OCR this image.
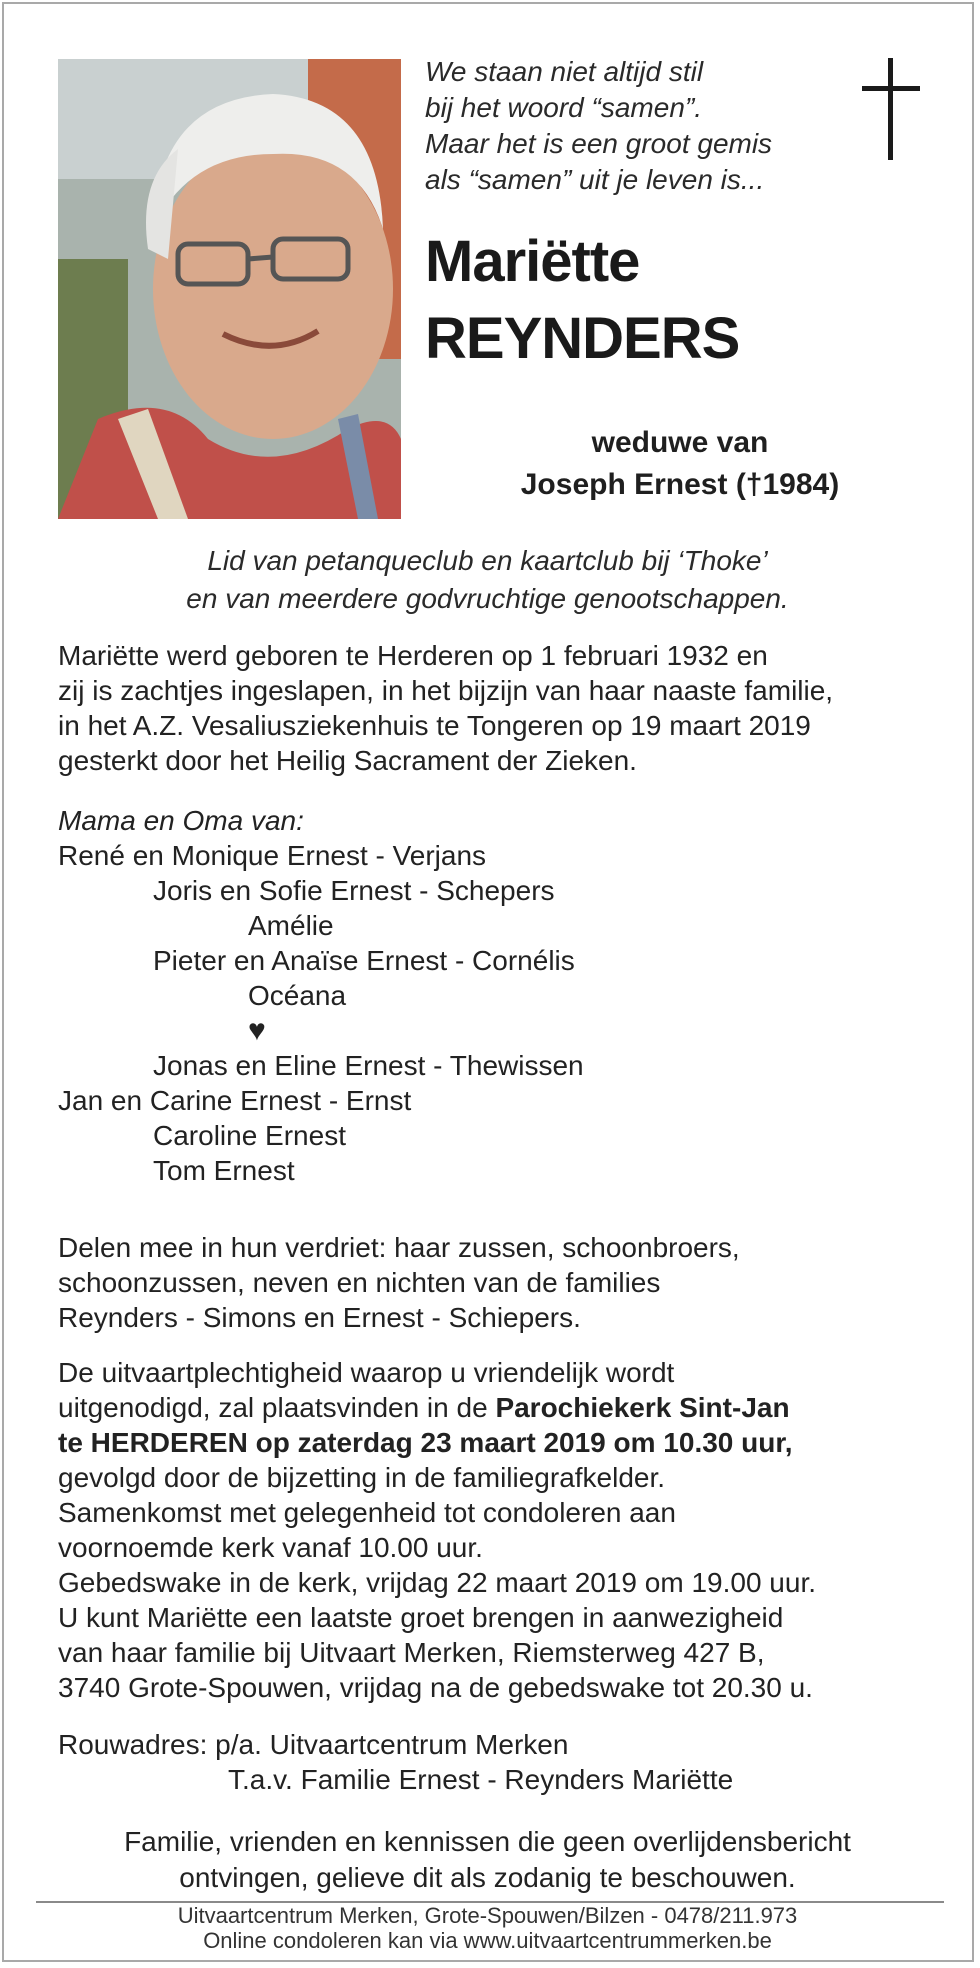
We staan niet altijd stil
bij het woord “samen”.
Maar het is een groot gemis
als “samen” uit je leven is...
Mariëtte
REYNDERS
weduwe van
Joseph Ernest (†1984)
Lid van petanqueclub en kaartclub bij ‘Thoke’
en van meerdere godvruchtige genootschappen.
Mariëtte werd geboren te Herderen op 1 februari 1932 en
zij is zachtjes ingeslapen, in het bijzijn van haar naaste familie,
in het A.Z. Vesaliusziekenhuis te Tongeren op 19 maart 2019
gesterkt door het Heilig Sacrament der Zieken.
Mama en Oma van:
René en Monique Ernest - Verjans
Joris en Sofie Ernest - Schepers
Amélie
Pieter en Anaïse Ernest - Cornélis
Océana
♥
Jonas en Eline Ernest - Thewissen
Jan en Carine Ernest - Ernst
Caroline Ernest
Tom Ernest
Delen mee in hun verdriet: haar zussen, schoonbroers,
schoonzussen, neven en nichten van de families
Reynders - Simons en Ernest - Schiepers.
De uitvaartplechtigheid waarop u vriendelijk wordt
uitgenodigd, zal plaatsvinden in de Parochiekerk Sint-Jan
te HERDEREN op zaterdag 23 maart 2019 om 10.30 uur,
gevolgd door de bijzetting in de familiegrafkelder.
Samenkomst met gelegenheid tot condoleren aan
voornoemde kerk vanaf 10.00 uur.
Gebedswake in de kerk, vrijdag 22 maart 2019 om 19.00 uur.
U kunt Mariëtte een laatste groet brengen in aanwezigheid
van haar familie bij Uitvaart Merken, Riemsterweg 427 B,
3740 Grote-Spouwen, vrijdag na de gebedswake tot 20.30 u.
Rouwadres: p/a. Uitvaartcentrum Merken
T.a.v. Familie Ernest - Reynders Mariëtte
Familie, vrienden en kennissen die geen overlijdensbericht
ontvingen, gelieve dit als zodanig te beschouwen.
Uitvaartcentrum Merken, Grote-Spouwen/Bilzen - 0478/211.973
Online condoleren kan via www.uitvaartcentrummerken.be
